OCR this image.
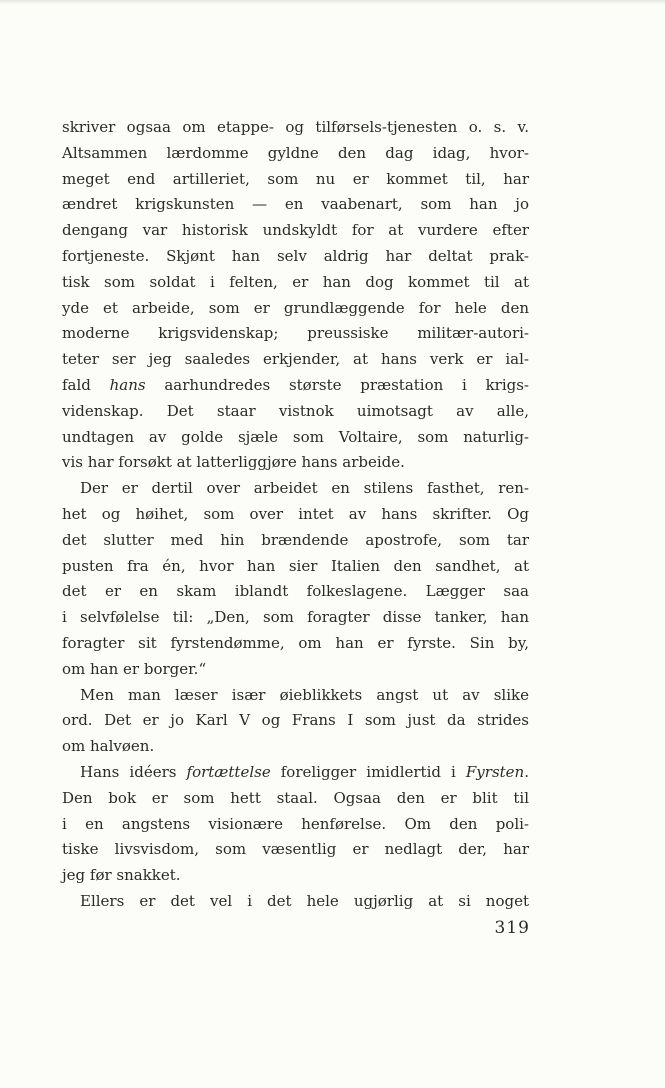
skriver ogsaa om etappe- og tilførsels-tjenesten o. s. v.
Altsammen lærdomme gyldne den dag idag, hvor-
meget end artilleriet, som nu er kommet til, har
ændret krigskunsten — en vaabenart, som han jo
dengang var historisk undskyldt for at vurdere efter
fortjeneste. Skjønt han selv aldrig har deltat prak-
tisk som soldat i felten, er han dog kommet til at
yde et arbeide, som er grundlæggende for hele den
moderne krigsvidenskap; preussiske militær-autori-
teter ser jeg saaledes erkjender, at hans verk er ial-
fald hans aarhundredes største præstation i krigs-
videnskap. Det staar vistnok uimotsagt av alle,
undtagen av golde sjæle som Voltaire, som naturlig-
vis har forsøkt at latterliggjøre hans arbeide.
Der er dertil over arbeidet en stilens fasthet, ren-
het og høihet, som over intet av hans skrifter. Og
det slutter med hin brændende apostrofe, som tar
pusten fra én, hvor han sier Italien den sandhet, at
det er en skam iblandt folkeslagene. Lægger saa
i selvfølelse til: „Den, som foragter disse tanker, han
foragter sit fyrstendømme, om han er fyrste. Sin by,
om han er borger.“
Men man læser især øieblikkets angst ut av slike
ord. Det er jo Karl V og Frans I som just da strides
om halvøen.
Hans idéers fortættelse foreligger imidlertid i Fyrsten.
Den bok er som hett staal. Ogsaa den er blit til
i en angstens visionære henførelse. Om den poli-
tiske livsvisdom, som væsentlig er nedlagt der, har
jeg før snakket.
Ellers er det vel i det hele ugjørlig at si noget
319
